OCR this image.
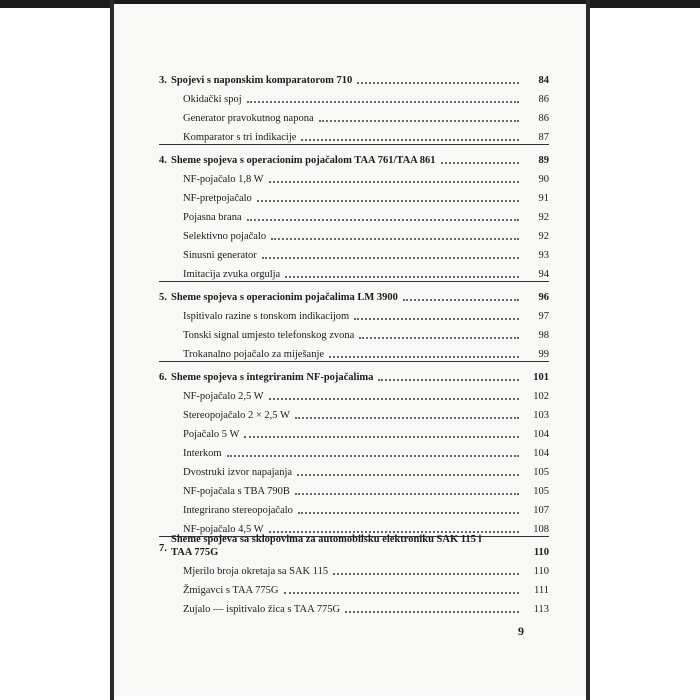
3. Spojevi s naponskim komparatorom 710	84
Okidački spoj	86
Generator pravokutnog napona	86
Komparator s tri indikacije	87
4. Sheme spojeva s operacionim pojačalom TAA 761/TAA 861	89
NF-pojačalo 1,8 W	90
NF-pretpojačalo	91
Pojasna brana	92
Selektivno pojačalo	92
Sinusni generator	93
Imitacija zvuka orgulja	94
5. Sheme spojeva s operacionim pojačalima LM 3900	96
Ispitivalo razine s tonskom indikacijom	97
Tonski signal umjesto telefonskog zvona	98
Trokanalno pojačalo za miješanje	99
6. Sheme spojeva s integriranim NF-pojačalima	101
NF-pojačalo 2,5 W	102
Stereopojačalo 2 × 2,5 W	103
Pojačalo 5 W	104
Interkom	104
Dvostruki izvor napajanja	105
NF-pojačala s TBA 790B	105
Integrirano stereopojačalo	107
NF-pojačalo 4,5 W	108
7.
Sheme spojeva sa sklopovima za automobilsku elektroniku SAK 115 i TAA 775G	110
Mjerilo broja okretaja sa SAK 115	110
Žmigavci s TAA 775G	111
Zujalo — ispitivalo žica s TAA 775G	113
9
